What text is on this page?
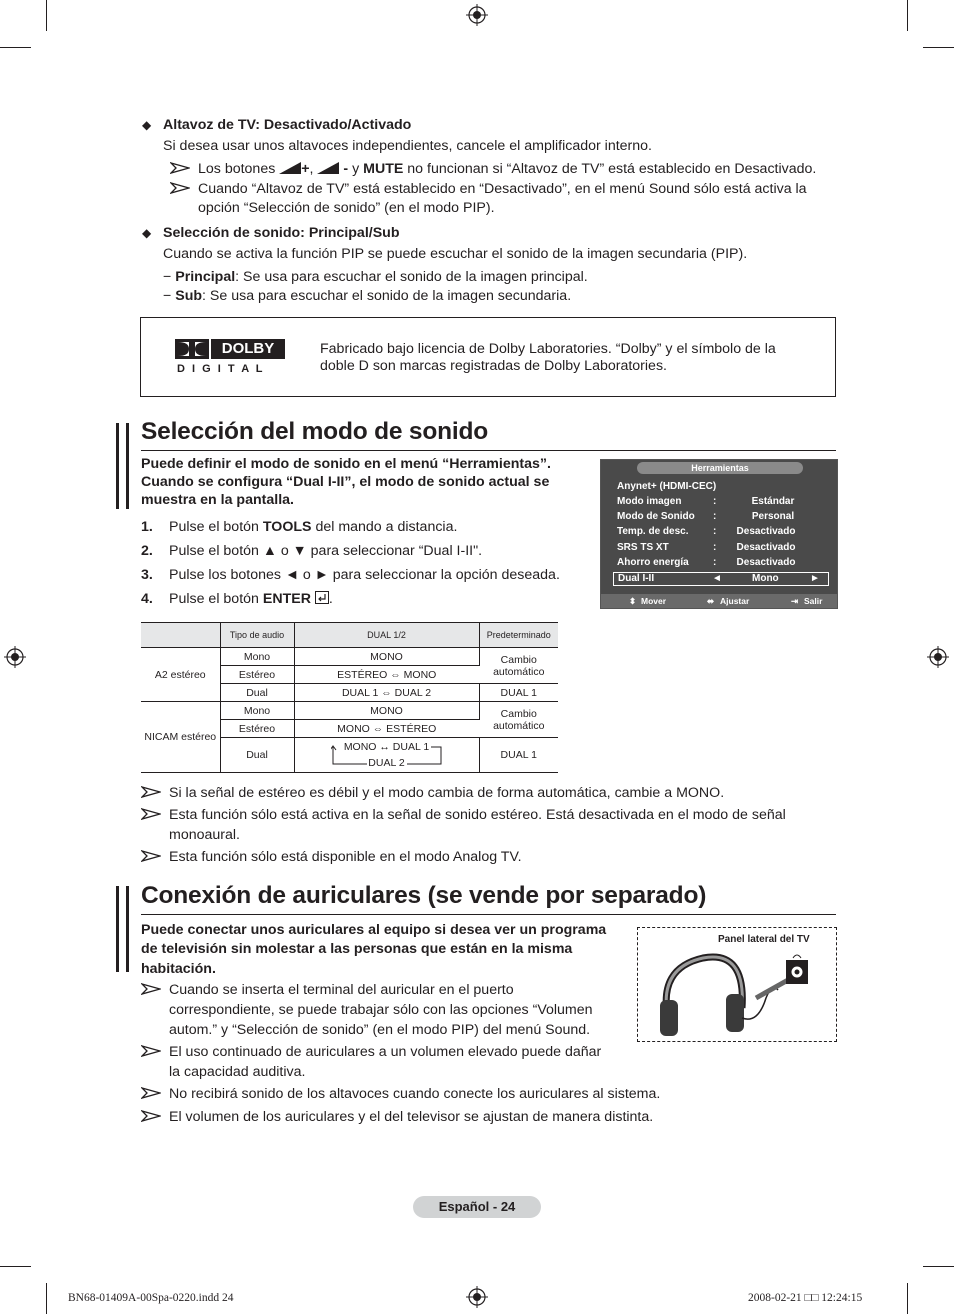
◆ Altavoz de TV: Desactivado/Activado
Si desea usar unos altavoces independientes, cancele el amplificador interno.
Los botones +, - y MUTE no funcionan si “Altavoz de TV” está establecido en Desactivado.
Cuando “Altavoz de TV” está establecido en “Desactivado”, en el menú Sound sólo está activa la
opción “Selección de sonido” (en el modo PIP).
◆ Selección de sonido: Principal/Sub
Cuando se activa la función PIP se puede escuchar el sonido de la imagen secundaria (PIP).
− Principal: Se usa para escuchar el sonido de la imagen principal.
− Sub: Se usa para escuchar el sonido de la imagen secundaria.
DOLBY
D I G I T A L
Fabricado bajo licencia de Dolby Laboratories. “Dolby” y el símbolo de la
doble D son marcas registradas de Dolby Laboratories.
Selección del modo de sonido
Puede definir el modo de sonido en el menú “Herramientas”.
Cuando se configura “Dual I-II”, el modo de sonido actual se
muestra en la pantalla.
1. Pulse el botón TOOLS del mando a distancia.
2. Pulse el botón ▲ o ▼ para seleccionar “Dual I-II".
3. Pulse los botones ◄ o ► para seleccionar la opción deseada.
4. Pulse el botón ENTER .
Herramientas
Anynet+ (HDMI-CEC)
Modo imagen	:	Estándar
Modo de Sonido :	Personal
Temp. de desc. : Desactivado
SRS TS XT	: Desactivado
Ahorro energía : Desactivado
Dual I-II	◄	Mono	►
⬍ Mover	⬌ Ajustar	⇥ Salir
	Tipo de audio	DUAL 1/2	Predeterminado
A2 estéreo	Mono	MONO	Cambio
automático
	Estéreo	ESTÉREO ⇔ MONO	
	Dual	DUAL 1 ⇔ DUAL 2	DUAL 1
NICAM estéreo	Mono	MONO	Cambio
automático
	Estéreo	MONO ⇔ ESTÉREO	
	Dual	MONO ↔ DUAL 1
DUAL 2	DUAL 1
Si la señal de estéreo es débil y el modo cambia de forma automática, cambie a MONO.
Esta función sólo está activa en la señal de sonido estéreo. Está desactivada en el modo de señal
monoaural.
Esta función sólo está disponible en el modo Analog TV.
Conexión de auriculares (se vende por separado)
Puede conectar unos auriculares al equipo si desea ver un programa
de televisión sin molestar a las personas que están en la misma
habitación.
Panel lateral del TV
Cuando se inserta el terminal del auricular en el puerto
correspondiente, se puede trabajar sólo con las opciones “Volumen
autom.” y “Selección de sonido” (en el modo PIP) del menú Sound.
El uso continuado de auriculares a un volumen elevado puede dañar
la capacidad auditiva.
No recibirá sonido de los altavoces cuando conecte los auriculares al sistema.
El volumen de los auriculares y el del televisor se ajustan de manera distinta.
Español - 24
BN68-01409A-00Spa-0220.indd 24	2008-02-21 □□ 12:24:15
